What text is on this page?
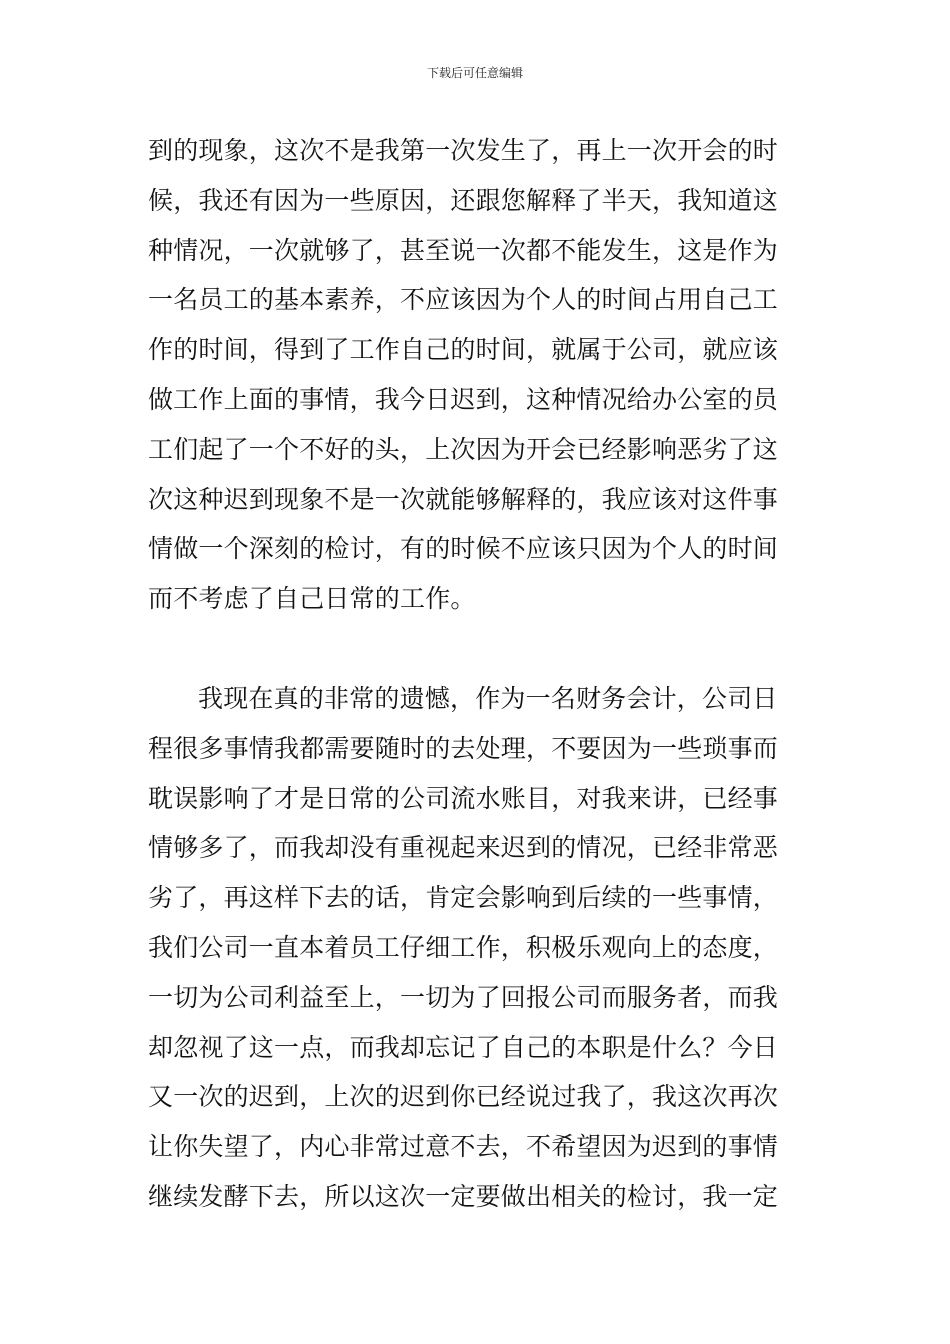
下载后可任意编辑
到的现象，这次不是我第一次发生了，再上一次开会的时
候，我还有因为一些原因，还跟您解释了半天，我知道这
种情况，一次就够了，甚至说一次都不能发生，这是作为
一名员工的基本素养，不应该因为个人的时间占用自己工
作的时间，得到了工作自己的时间，就属于公司，就应该
做工作上面的事情，我今日迟到，这种情况给办公室的员
工们起了一个不好的头，上次因为开会已经影响恶劣了这
次这种迟到现象不是一次就能够解释的，我应该对这件事
情做一个深刻的检讨，有的时候不应该只因为个人的时间
而不考虑了自己日常的工作。
我现在真的非常的遗憾，作为一名财务会计，公司日
程很多事情我都需要随时的去处理，不要因为一些琐事而
耽误影响了才是日常的公司流水账目，对我来讲，已经事
情够多了，而我却没有重视起来迟到的情况，已经非常恶
劣了，再这样下去的话，肯定会影响到后续的一些事情，
我们公司一直本着员工仔细工作，积极乐观向上的态度，
一切为公司利益至上，一切为了回报公司而服务者，而我
却忽视了这一点，而我却忘记了自己的本职是什么？今日
又一次的迟到，上次的迟到你已经说过我了，我这次再次
让你失望了，内心非常过意不去，不希望因为迟到的事情
继续发酵下去，所以这次一定要做出相关的检讨，我一定
